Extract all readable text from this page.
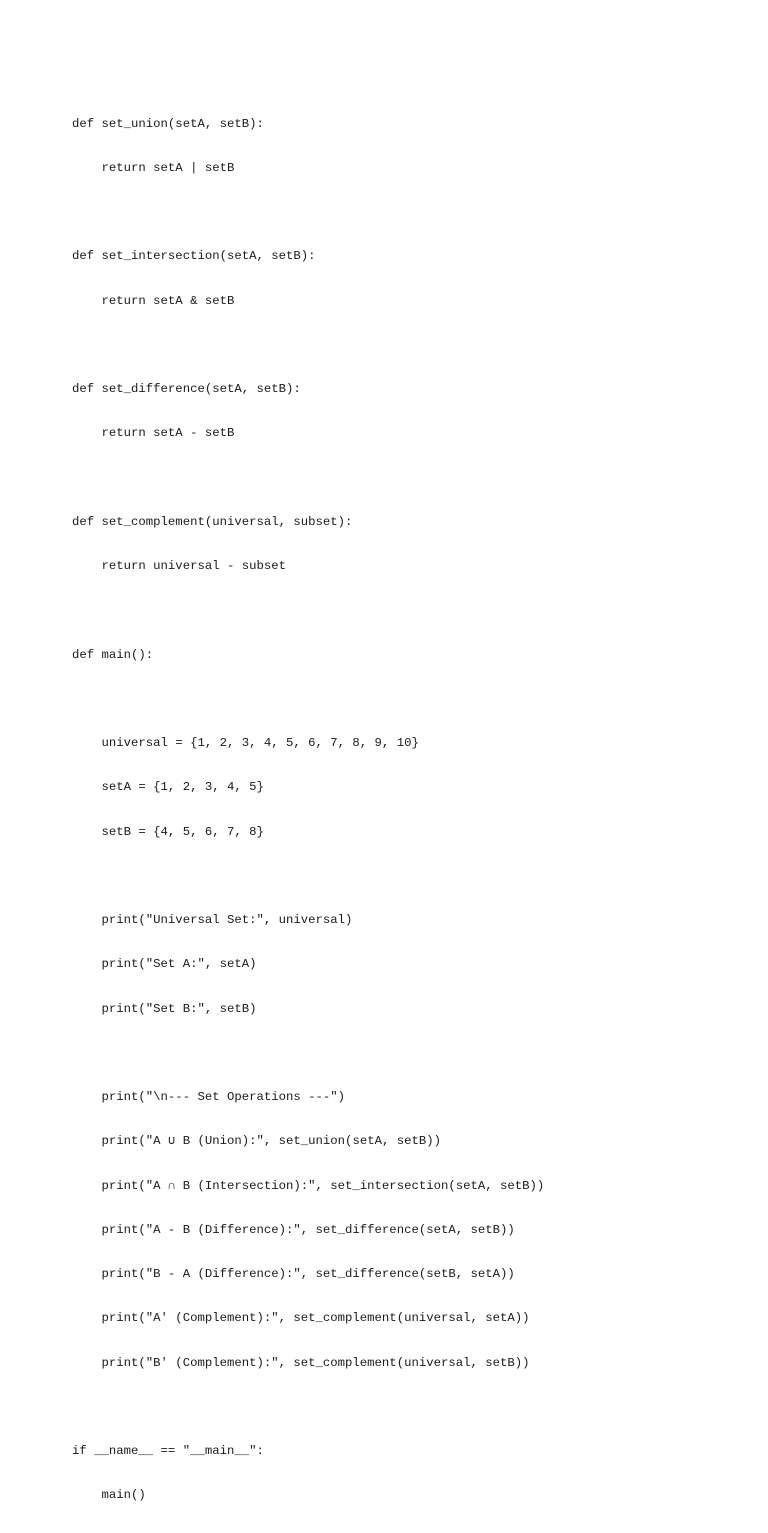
def set_union(setA, setB):

return setA | setB

def set_intersection(setA, setB):

return setA & setB

def set_difference(setA, setB):

return setA - setB

def set_complement(universal, subset):

return universal - subset

def main():

universal = {1, 2, 3, 4, 5, 6, 7, 8, 9, 10}

setA = {1, 2, 3, 4, 5}

setB = {4, 5, 6, 7, 8}

print("Universal Set:", universal)

print("Set A:", setA)

print("Set B:", setB)

print("\n--- Set Operations ---")

print("A ∪ B (Union):", set_union(setA, setB))

print("A ∩ B (Intersection):", set_intersection(setA, setB))

print("A - B (Difference):", set_difference(setA, setB))

print("B - A (Difference):", set_difference(setB, setA))

print("A' (Complement):", set_complement(universal, setA))

print("B' (Complement):", set_complement(universal, setB))

if __name__ == "__main__":

main()
